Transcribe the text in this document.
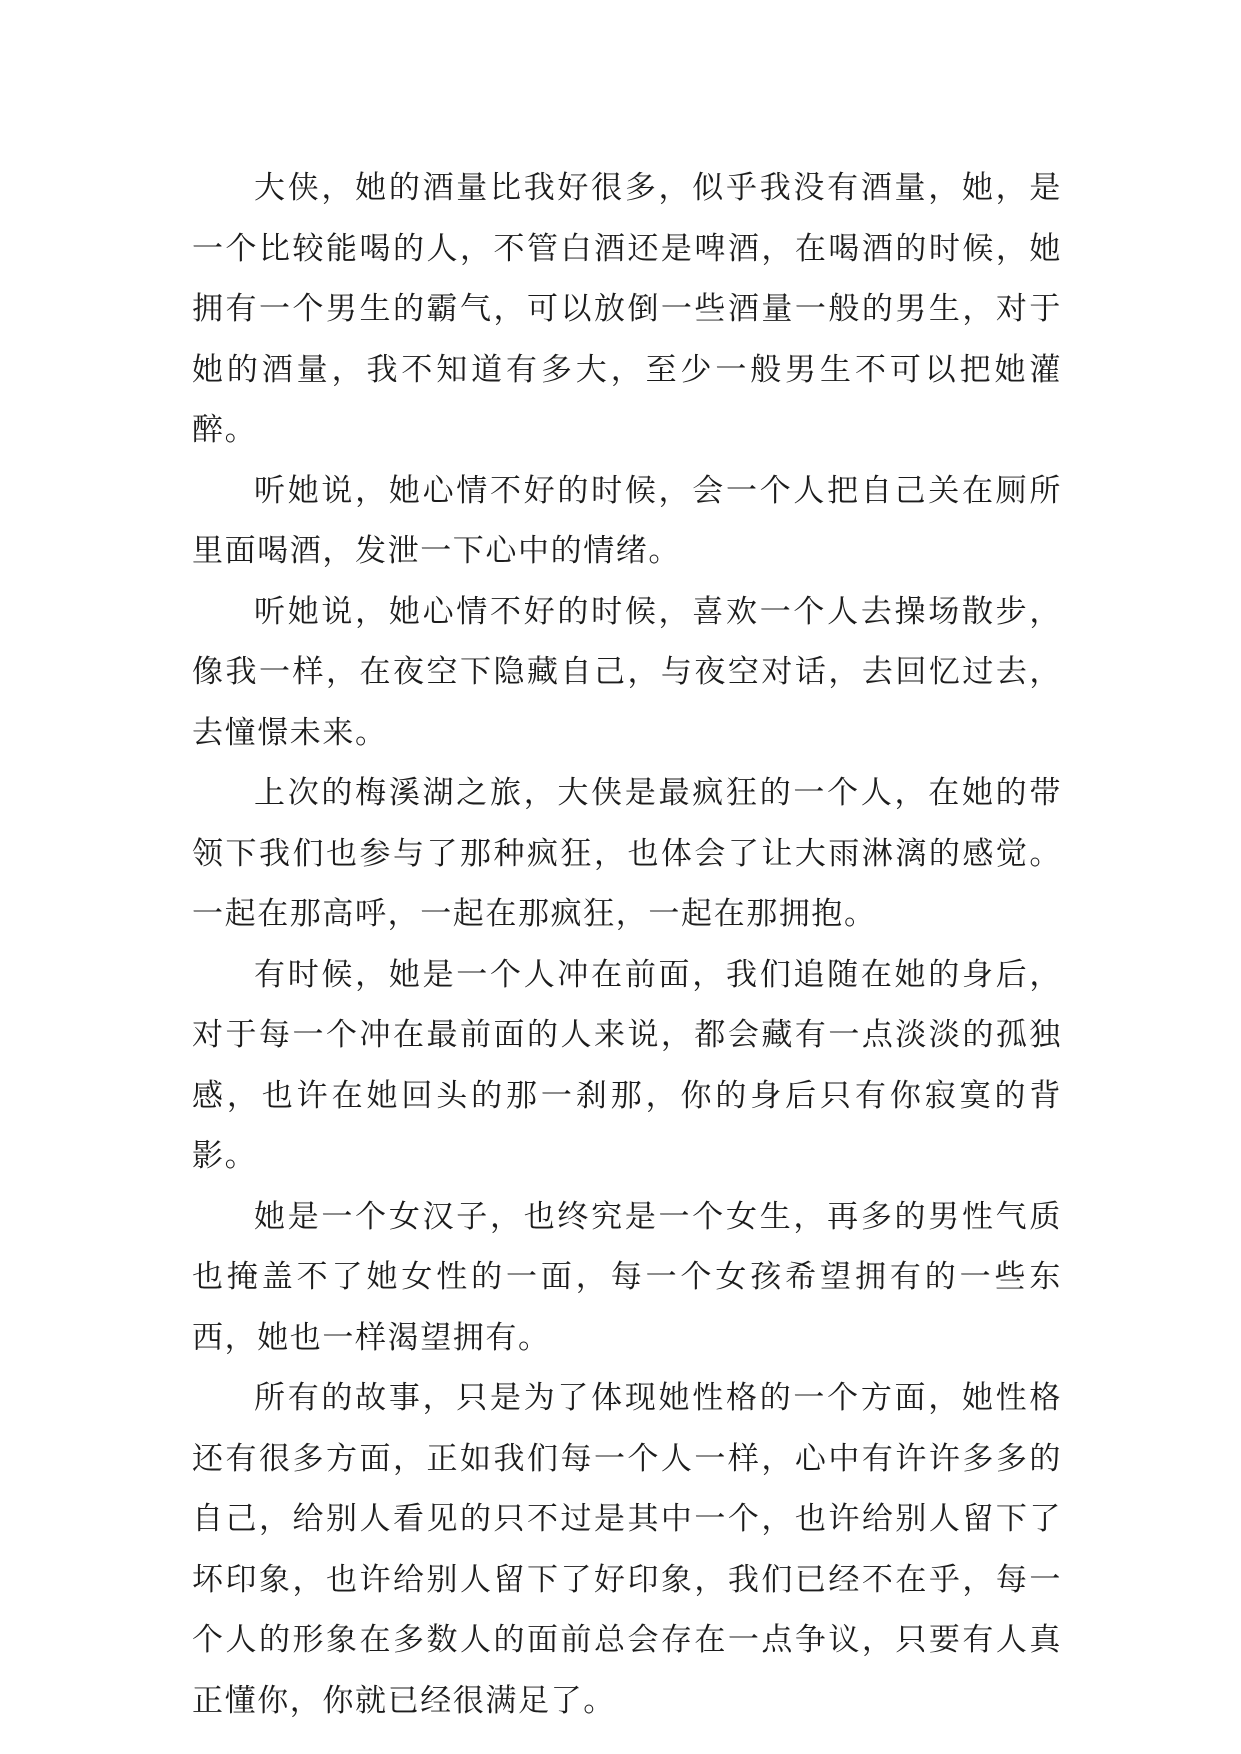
大侠，她的酒量比我好很多，似乎我没有酒量，她，是一个比较能喝的人，不管白酒还是啤酒，在喝酒的时候，她拥有一个男生的霸气，可以放倒一些酒量一般的男生，对于她的酒量，我不知道有多大，至少一般男生不可以把她灌醉。

听她说，她心情不好的时候，会一个人把自己关在厕所里面喝酒，发泄一下心中的情绪。

听她说，她心情不好的时候，喜欢一个人去操场散步，像我一样，在夜空下隐藏自己，与夜空对话，去回忆过去，去憧憬未来。

上次的梅溪湖之旅，大侠是最疯狂的一个人，在她的带领下我们也参与了那种疯狂，也体会了让大雨淋漓的感觉。一起在那高呼，一起在那疯狂，一起在那拥抱。

有时候，她是一个人冲在前面，我们追随在她的身后，对于每一个冲在最前面的人来说，都会藏有一点淡淡的孤独感，也许在她回头的那一刹那，你的身后只有你寂寞的背影。

她是一个女汉子，也终究是一个女生，再多的男性气质也掩盖不了她女性的一面，每一个女孩希望拥有的一些东西，她也一样渴望拥有。

所有的故事，只是为了体现她性格的一个方面，她性格还有很多方面，正如我们每一个人一样，心中有许许多多的自己，给别人看见的只不过是其中一个，也许给别人留下了坏印象，也许给别人留下了好印象，我们已经不在乎，每一个人的形象在多数人的面前总会存在一点争议，只要有人真正懂你，你就已经很满足了。
